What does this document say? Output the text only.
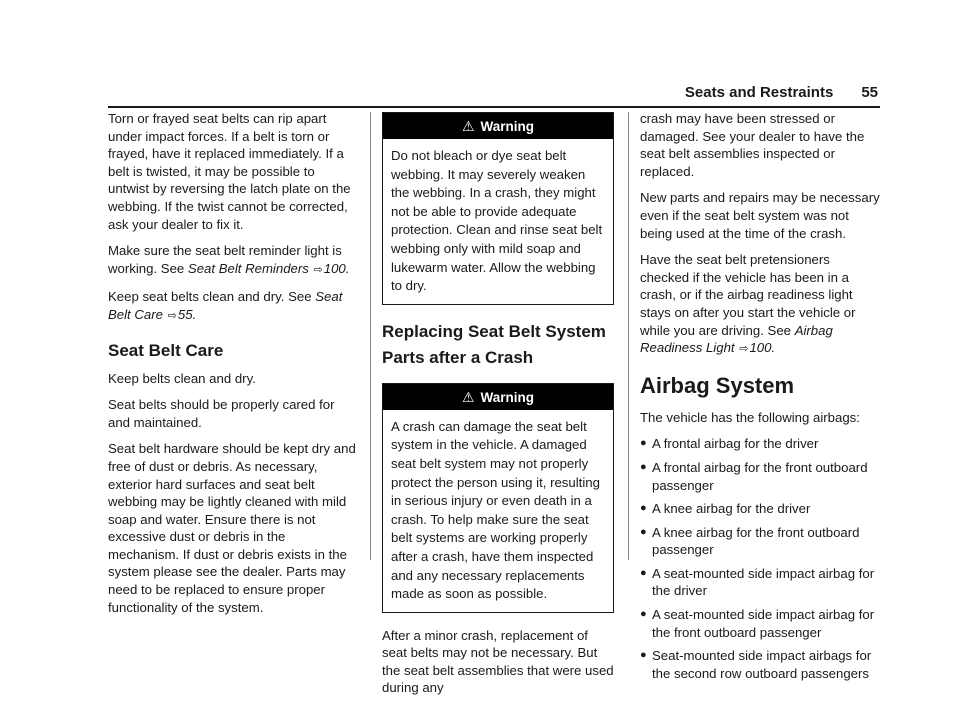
Seats and Restraints 55

Torn or frayed seat belts can rip apart under impact forces. If a belt is torn or frayed, have it replaced immediately. If a belt is twisted, it may be possible to untwist by reversing the latch plate on the webbing. If the twist cannot be corrected, ask your dealer to fix it.

Make sure the seat belt reminder light is working. See Seat Belt Reminders ⇨100.

Keep seat belts clean and dry. See Seat Belt Care ⇨55.

Seat Belt Care

Keep belts clean and dry.

Seat belts should be properly cared for and maintained.

Seat belt hardware should be kept dry and free of dust or debris. As necessary, exterior hard surfaces and seat belt webbing may be lightly cleaned with mild soap and water. Ensure there is not excessive dust or debris in the mechanism. If dust or debris exists in the system please see the dealer. Parts may need to be replaced to ensure proper functionality of the system.

⚠ Warning
Do not bleach or dye seat belt webbing. It may severely weaken the webbing. In a crash, they might not be able to provide adequate protection. Clean and rinse seat belt webbing only with mild soap and lukewarm water. Allow the webbing to dry.
Replacing Seat Belt System Parts after a Crash
⚠ Warning
A crash can damage the seat belt system in the vehicle. A damaged seat belt system may not properly protect the person using it, resulting in serious injury or even death in a crash. To help make sure the seat belt systems are working properly after a crash, have them inspected and any necessary replacements made as soon as possible.

After a minor crash, replacement of seat belts may not be necessary. But the seat belt assemblies that were used during any

crash may have been stressed or damaged. See your dealer to have the seat belt assemblies inspected or replaced.

New parts and repairs may be necessary even if the seat belt system was not being used at the time of the crash.

Have the seat belt pretensioners checked if the vehicle has been in a crash, or if the airbag readiness light stays on after you start the vehicle or while you are driving. See Airbag Readiness Light ⇨100.

Airbag System

The vehicle has the following airbags:

● A frontal airbag for the driver
● A frontal airbag for the front outboard passenger
● A knee airbag for the driver
● A knee airbag for the front outboard passenger
● A seat-mounted side impact airbag for the driver
● A seat-mounted side impact airbag for the front outboard passenger
● Seat-mounted side impact airbags for the second row outboard passengers
